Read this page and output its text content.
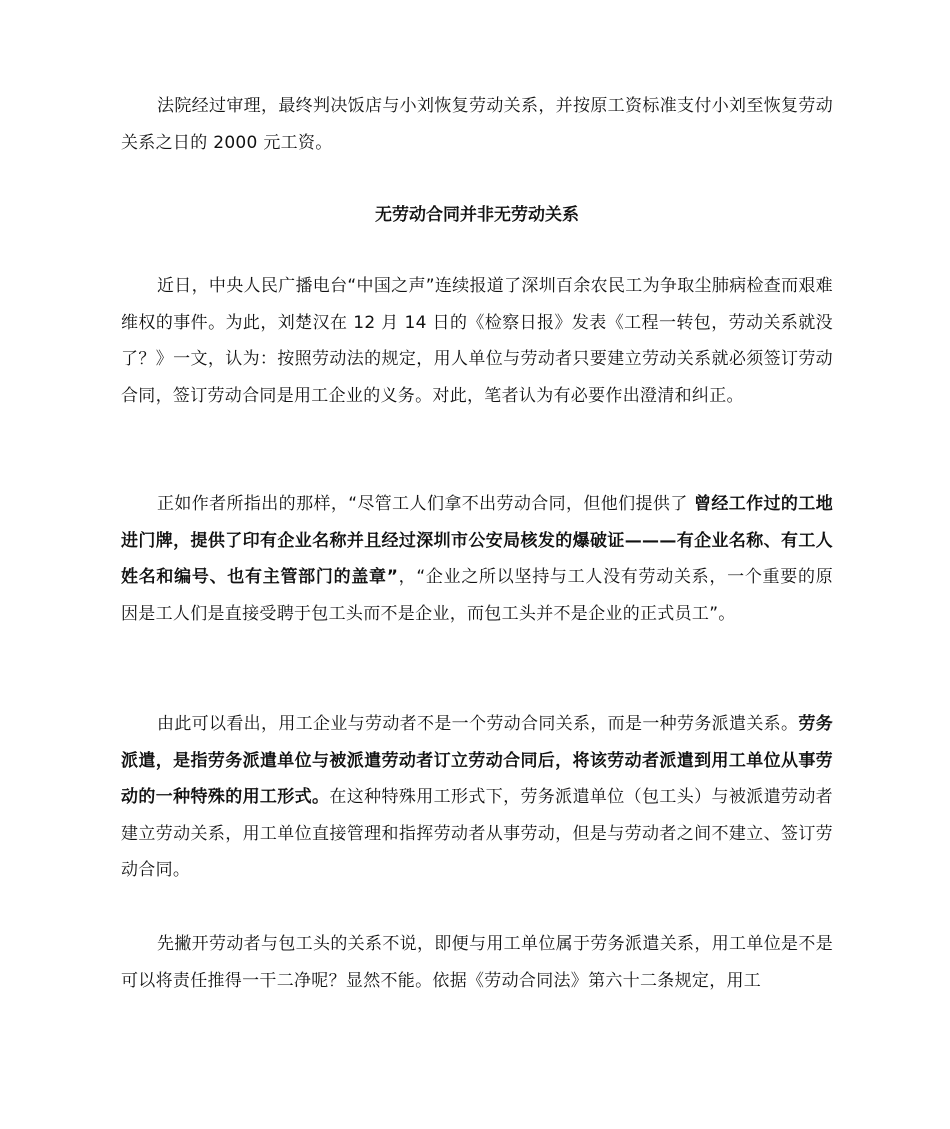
法院经过审理，最终判决饭店与小刘恢复劳动关系，并按原工资标准支付小刘至恢复劳动关系之日的 2000 元工资。

无劳动合同并非无劳动关系

近日，中央人民广播电台“中国之声”连续报道了深圳百余农民工为争取尘肺病检查而艰难维权的事件。为此，刘楚汉在 12 月 14 日的《检察日报》发表《工程一转包，劳动关系就没了？》一文，认为：按照劳动法的规定，用人单位与劳动者只要建立劳动关系就必须签订劳动合同，签订劳动合同是用工企业的义务。对此，笔者认为有必要作出澄清和纠正。

正如作者所指出的那样，“尽管工人们拿不出劳动合同，但他们提供了 曾经工作过的工地进门牌，提供了印有企业名称并且经过深圳市公安局核发的爆破证———有企业名称、有工人姓名和编号、也有主管部门的盖章”，“企业之所以坚持与工人没有劳动关系，一个重要的原因是工人们是直接受聘于包工头而不是企业，而包工头并不是企业的正式员工”。

由此可以看出，用工企业与劳动者不是一个劳动合同关系，而是一种劳务派遣关系。劳务派遣，是指劳务派遣单位与被派遣劳动者订立劳动合同后，将该劳动者派遣到用工单位从事劳动的一种特殊的用工形式。在这种特殊用工形式下，劳务派遣单位（包工头）与被派遣劳动者建立劳动关系，用工单位直接管理和指挥劳动者从事劳动，但是与劳动者之间不建立、签订劳动合同。

先撇开劳动者与包工头的关系不说，即便与用工单位属于劳务派遣关系，用工单位是不是可以将责任推得一干二净呢？显然不能。依据《劳动合同法》第六十二条规定，用工
